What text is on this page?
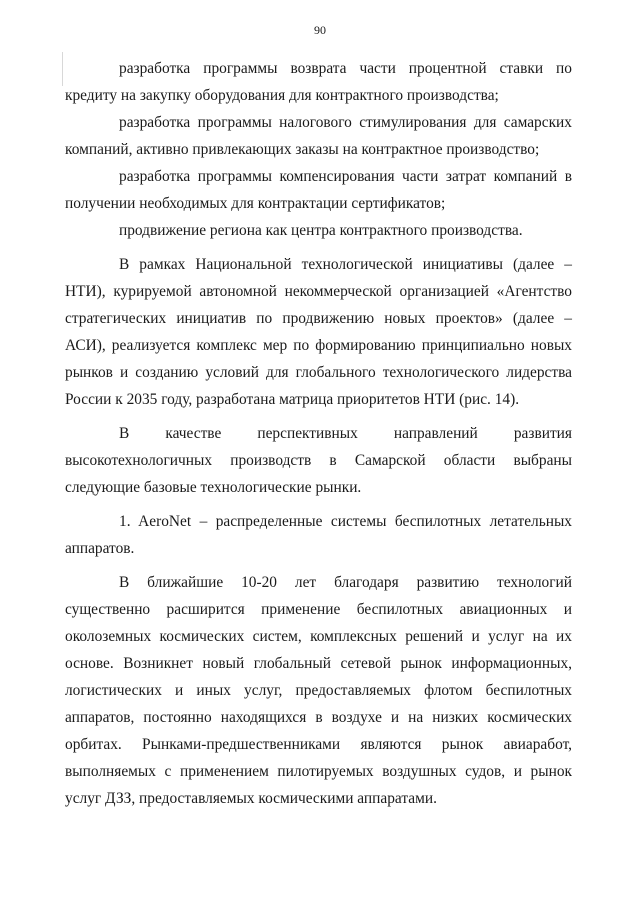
90

разработка программы возврата части процентной ставки по кредиту на закупку оборудования для контрактного производства;

разработка программы налогового стимулирования для самарских компаний, активно привлекающих заказы на контрактное производство;

разработка программы компенсирования части затрат компаний в получении необходимых для контрактации сертификатов;

продвижение региона как центра контрактного производства.

В рамках Национальной технологической инициативы (далее – НТИ), курируемой автономной некоммерческой организацией «Агентство стратегических инициатив по продвижению новых проектов» (далее – АСИ), реализуется комплекс мер по формированию принципиально новых рынков и созданию условий для глобального технологического лидерства России к 2035 году, разработана матрица приоритетов НТИ (рис. 14).

В качестве перспективных направлений развития высокотехнологичных производств в Самарской области выбраны следующие базовые технологические рынки.

1. AeroNet – распределенные системы беспилотных летательных аппаратов.

В ближайшие 10-20 лет благодаря развитию технологий существенно расширится применение беспилотных авиационных и околоземных космических систем, комплексных решений и услуг на их основе. Возникнет новый глобальный сетевой рынок информационных, логистических и иных услуг, предоставляемых флотом беспилотных аппаратов, постоянно находящихся в воздухе и на низких космических орбитах. Рынками-предшественниками являются рынок авиаработ, выполняемых с применением пилотируемых воздушных судов, и рынок услуг ДЗЗ, предоставляемых космическими аппаратами.
